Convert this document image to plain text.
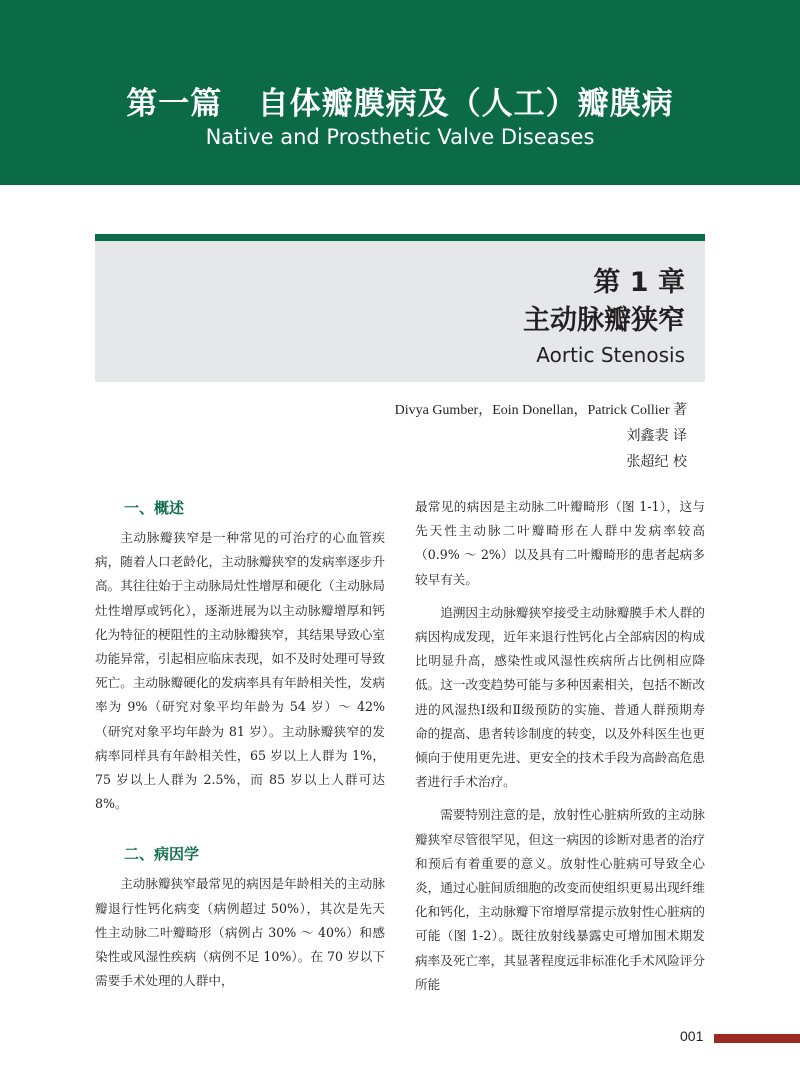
第一篇   自体瓣膜病及（人工）瓣膜病
Native and Prosthetic Valve Diseases
第 1 章
主动脉瓣狭窄
Aortic Stenosis
Divya Gumber，Eoin Donellan，Patrick Collier 著
刘鑫裴 译
张超纪 校
一、概述

主动脉瓣狭窄是一种常见的可治疗的心血管疾病，随着人口老龄化，主动脉瓣狭窄的发病率逐步升高。其往往始于主动脉局灶性增厚和硬化（主动脉局灶性增厚或钙化），逐渐进展为以主动脉瓣增厚和钙化为特征的梗阻性的主动脉瓣狭窄，其结果导致心室功能异常，引起相应临床表现，如不及时处理可导致死亡。主动脉瓣硬化的发病率具有年龄相关性，发病率为 9%（研究对象平均年龄为 54 岁）～ 42%（研究对象平均年龄为 81 岁）。主动脉瓣狭窄的发病率同样具有年龄相关性，65 岁以上人群为 1%，75 岁以上人群为 2.5%，而 85 岁以上人群可达 8%。

二、病因学

主动脉瓣狭窄最常见的病因是年龄相关的主动脉瓣退行性钙化病变（病例超过 50%），其次是先天性主动脉二叶瓣畸形（病例占 30% ～ 40%）和感染性或风湿性疾病（病例不足 10%）。在 70 岁以下需要手术处理的人群中，

最常见的病因是主动脉二叶瓣畸形（图 1-1），这与先天性主动脉二叶瓣畸形在人群中发病率较高（0.9% ～ 2%）以及具有二叶瓣畸形的患者起病多较早有关。

追溯因主动脉瓣狭窄接受主动脉瓣膜手术人群的病因构成发现，近年来退行性钙化占全部病因的构成比明显升高，感染性或风湿性疾病所占比例相应降低。这一改变趋势可能与多种因素相关，包括不断改进的风湿热Ⅰ级和Ⅱ级预防的实施、普通人群预期寿命的提高、患者转诊制度的转变，以及外科医生也更倾向于使用更先进、更安全的技术手段为高龄高危患者进行手术治疗。

需要特别注意的是，放射性心脏病所致的主动脉瓣狭窄尽管很罕见，但这一病因的诊断对患者的治疗和预后有着重要的意义。放射性心脏病可导致全心炎，通过心脏间质细胞的改变而使组织更易出现纤维化和钙化，主动脉瓣下帘增厚常提示放射性心脏病的可能（图 1-2）。既往放射线暴露史可增加围术期发病率及死亡率，其显著程度远非标准化手术风险评分所能

001
